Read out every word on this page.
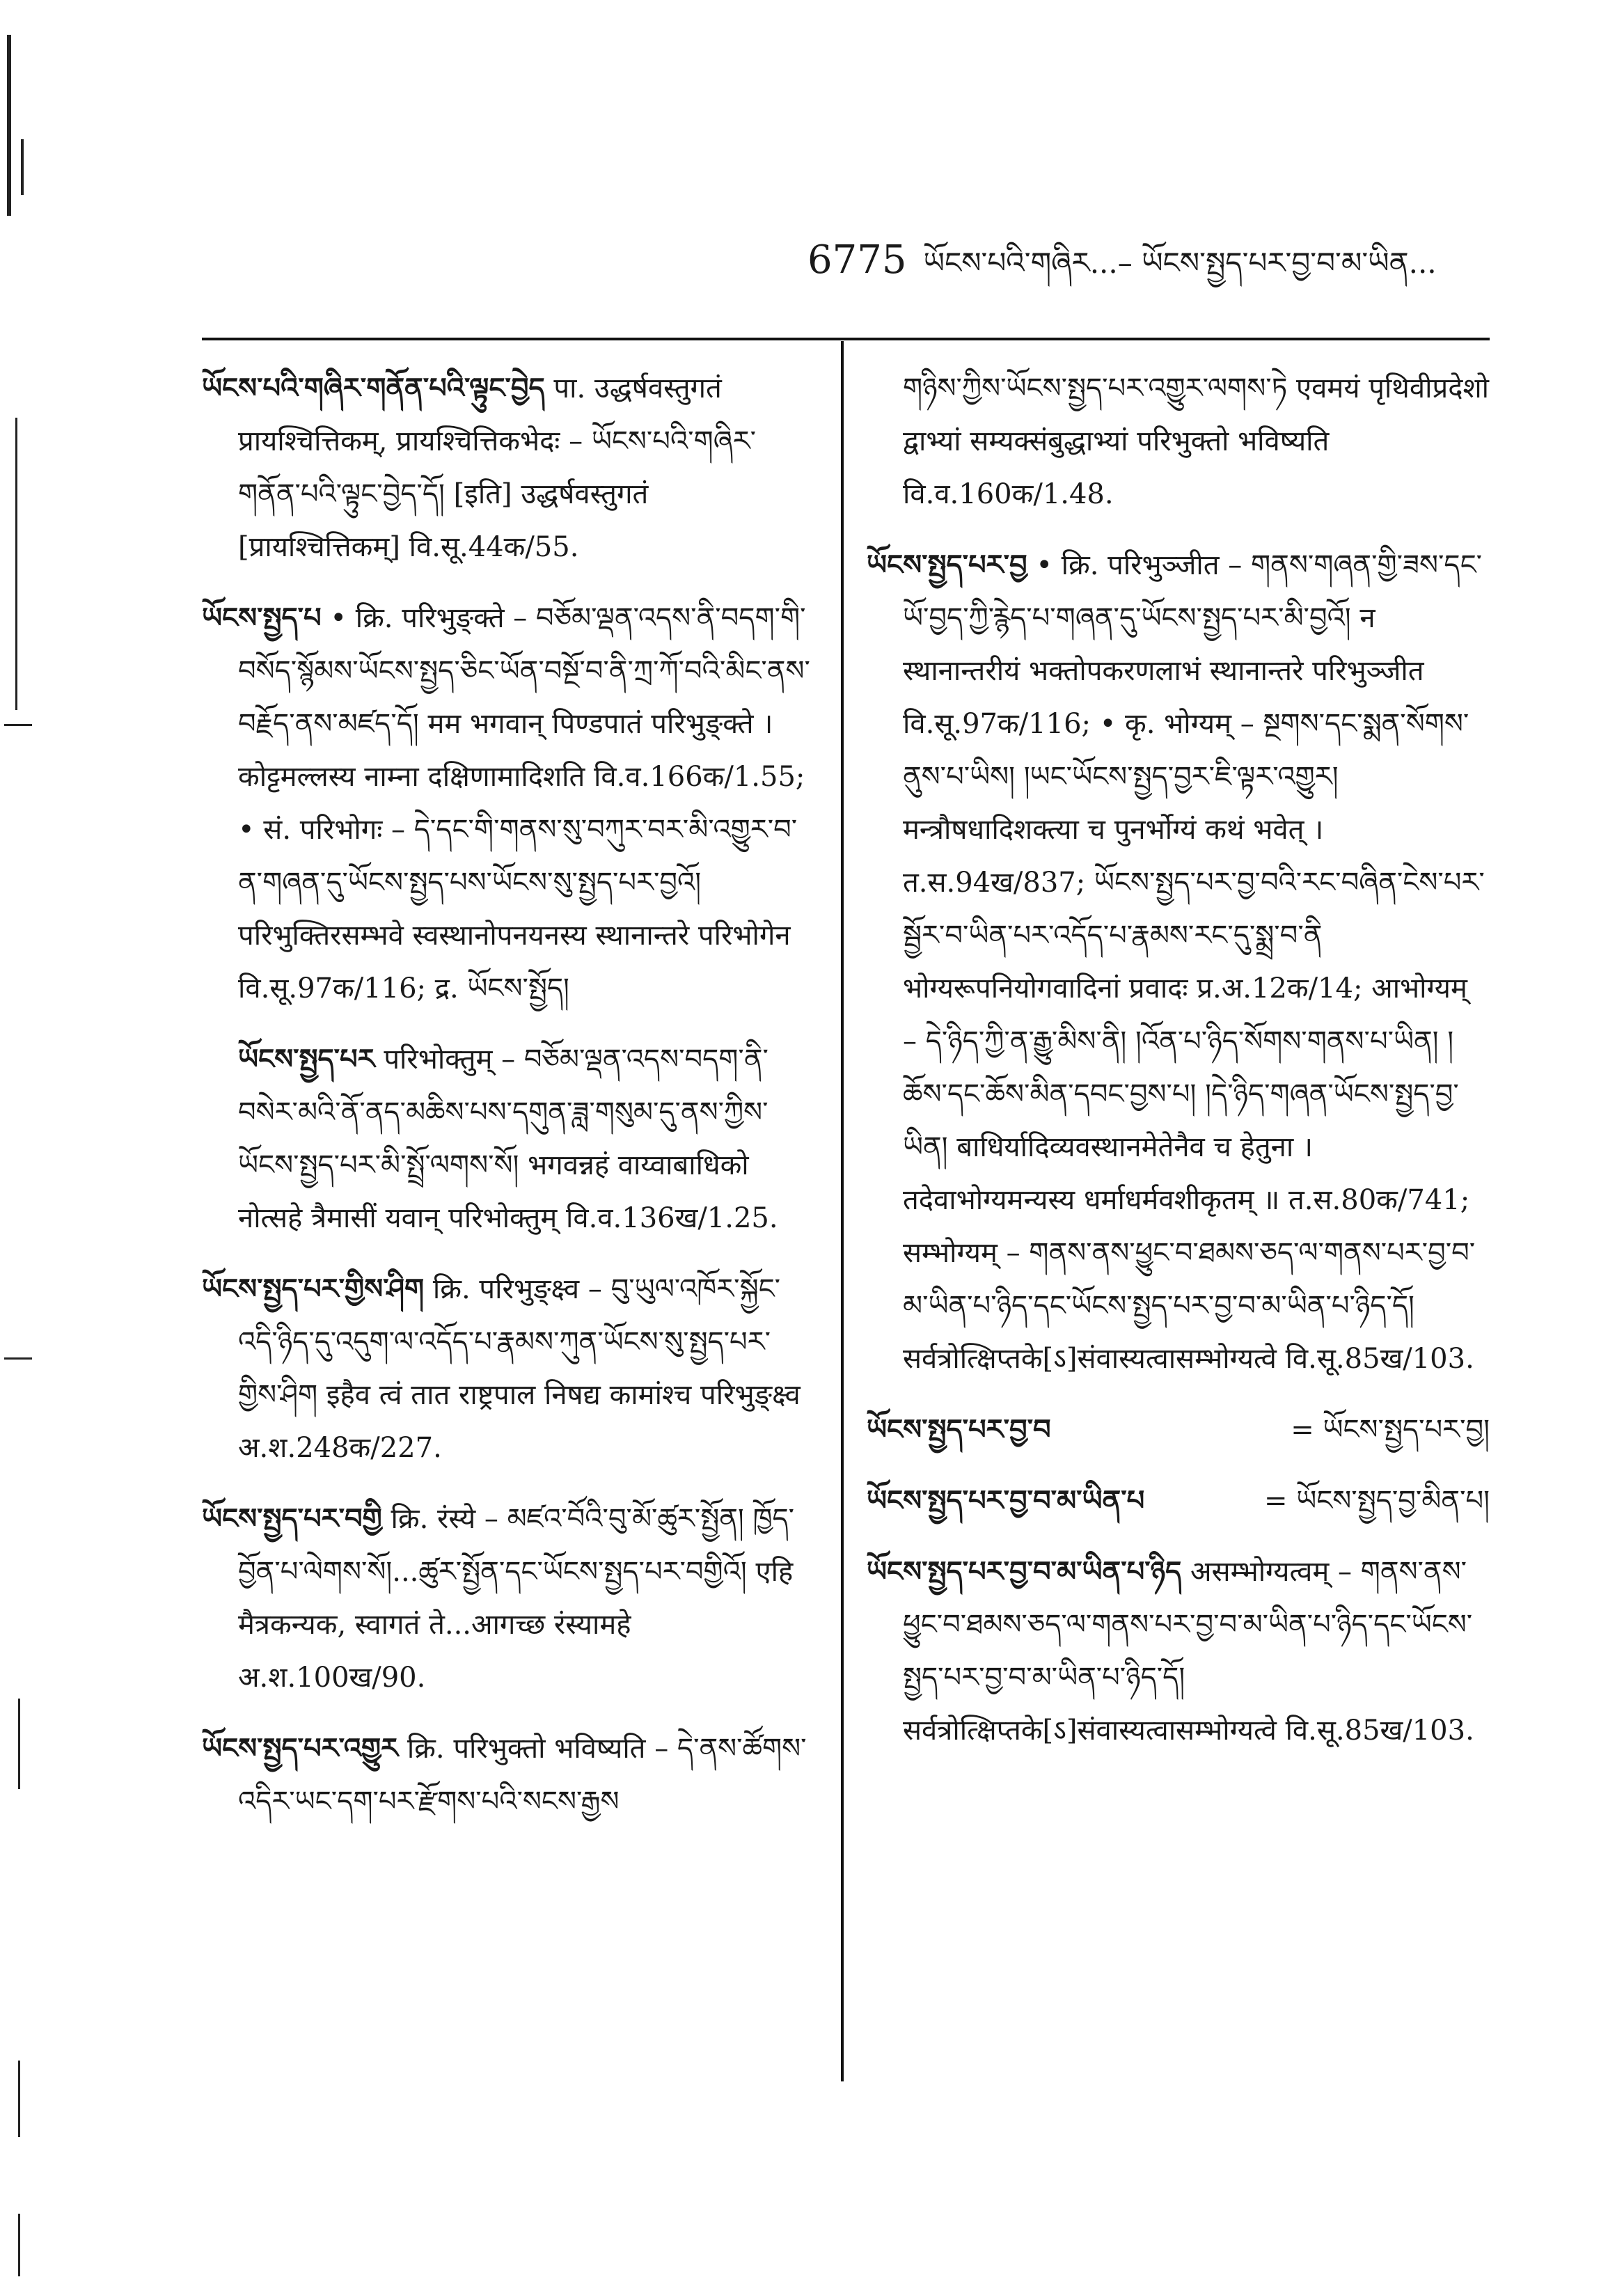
6775 ཡོངས་པའི་གཞིར...– ཡོངས་སྤྱད་པར་བྱ་བ་མ་ཡིན...

ཡོངས་པའི་གཞིར་གནོན་པའི་ལྟུང་བྱེད पा. उद्धर्षवस्तुगतं प्रायश्चित्तिकम्, प्रायश्चित्तिकभेदः – ཡོངས་པའི་གཞིར་གནོན་པའི་ལྟུང་བྱེད་དོ། [इति] उद्धर्षवस्तुगतं [प्रायश्चित्तिकम्] वि.सू.44क/55.

ཡོངས་སྤྱད་པ • क्रि. परिभुङ्क्ते – བཅོམ་ལྡན་འདས་ནི་བདག་གི་བསོད་སྙོམས་ཡོངས་སྤྱད་ཅིང་ཡོན་བསྔོ་བ་ནི་ཀྲ་ཀོ་བའི་མིང་ནས་བརྗོད་ནས་མཛད་དོ། मम भगवान् पिण्डपातं परिभुङ्क्ते । कोट्टमल्लस्य नाम्ना दक्षिणामादिशति वि.व.166क/1.55; • सं. परिभोगः – དེ་དང་གི་གནས་སུ་བཀུར་བར་མི་འགྱུར་བ་ན་གཞན་དུ་ཡོངས་སྤྱད་པས་ཡོངས་སུ་སྤྱད་པར་བྱའོ། परिभुक्तिरसम्भवे स्वस्थानोपनयनस्य स्थानान्तरे परिभोगेन वि.सू.97क/116; द्र. ཡོངས་སྤྱོད།

ཡོངས་སྤྱད་པར परिभोक्तुम् – བཅོམ་ལྡན་འདས་བདག་ནི་བསེར་མའི་ནོ་ནད་མཆིས་པས་དགུན་ཟླ་གསུམ་དུ་ནས་ཀྱིས་ཡོངས་སྤྱད་པར་མི་སྤྲོ་ལགས་སོ། भगवन्नहं वाय्वाबाधिको नोत्सहे त्रैमासीं यवान् परिभोक्तुम् वि.व.136ख/1.25.

ཡོངས་སྤྱད་པར་གྱིས་ཤིག क्रि. परिभुङ्क्ष्व – བུ་ཡུལ་འཁོར་སྐྱོང་འདི་ཉིད་དུ་འདུག་ལ་འདོད་པ་རྣམས་ཀུན་ཡོངས་སུ་སྤྱད་པར་གྱིས་ཤིག इहैव त्वं तात राष्ट्रपाल निषद्य कामांश्च परिभुङ्क्ष्व अ.श.248क/227.

ཡོངས་སྤྱད་པར་བགྱི क्रि. रंस्ये – མཛའ་བོའི་བུ་མོ་ཚུར་སྤྱོན། ཁྱོད་བྱོན་པ་ལེགས་སོ།...ཚུར་སྤྱོན་དང་ཡོངས་སྤྱད་པར་བགྱིའོ། एहि मैत्रकन्यक, स्वागतं ते...आगच्छ रंस्यामहे अ.श.100ख/90.

ཡོངས་སྤྱད་པར་འགྱུར क्रि. परिभुक्तो भविष्यति – དེ་ནས་ཚོགས་འདིར་ཡང་དག་པར་རྫོགས་པའི་སངས་རྒྱས

གཉིས་ཀྱིས་ཡོངས་སྤྱད་པར་འགྱུར་ལགས་ཏེ एवमयं पृथिवीप्रदेशो द्वाभ्यां सम्यक्संबुद्धाभ्यां परिभुक्तो भविष्यति वि.व.160क/1.48.

ཡོངས་སྤྱད་པར་བྱ • क्रि. परिभुञ्जीत – གནས་གཞན་གྱི་ཟས་དང་ཡོ་བྱད་ཀྱི་རྙེད་པ་གཞན་དུ་ཡོངས་སྤྱད་པར་མི་བྱའོ། न स्थानान्तरीयं भक्तोपकरणलाभं स्थानान्तरे परिभुञ्जीत वि.सू.97क/116; • कृ. भोग्यम् – སྔགས་དང་སྨན་སོགས་ནུས་པ་ཡིས། །ཡང་ཡོངས་སྤྱད་བྱར་ཇི་ལྟར་འགྱུར། मन्त्रौषधादिशक्त्या च पुनर्भोग्यं कथं भवेत् । त.स.94ख/837; ཡོངས་སྤྱད་པར་བྱ་བའི་རང་བཞིན་ངེས་པར་སྦྱོར་བ་ཡིན་པར་འདོད་པ་རྣམས་རང་དུ་སྨྲ་བ་ནི भोग्यरूपनियोगवादिनां प्रवादः प्र.अ.12क/14; आभोग्यम् – དེ་ཉིད་ཀྱི་ན་རྒྱུ་མིས་ནི། །འོན་པ་ཉིད་སོགས་གནས་པ་ཡིན། །ཆོས་དང་ཆོས་མིན་དབང་བྱས་པ། །དེ་ཉིད་གཞན་ཡོངས་སྤྱད་བྱ་ཡིན། बाधिर्यादिव्यवस्थानमेतेनैव च हेतुना । तदेवाभोग्यमन्यस्य धर्माधर्मवशीकृतम् ॥ त.स.80क/741; सम्भोग्यम् – གནས་ནས་ཕྱུང་བ་ཐམས་ཅད་ལ་གནས་པར་བྱ་བ་མ་ཡིན་པ་ཉིད་དང་ཡོངས་སྤྱད་པར་བྱ་བ་མ་ཡིན་པ་ཉིད་དོ། सर्वत्रोत्क्षिप्तके[ऽ]संवास्यत्वासम्भोग्यत्वे वि.सू.85ख/103.

ཡོངས་སྤྱད་པར་བྱ་བ	= ཡོངས་སྤྱད་པར་བྱ།

ཡོངས་སྤྱད་པར་བྱ་བ་མ་ཡིན་པ	= ཡོངས་སྤྱད་བྱ་མིན་པ།

ཡོངས་སྤྱད་པར་བྱ་བ་མ་ཡིན་པ་ཉིད असम्भोग्यत्वम् – གནས་ནས་ཕྱུང་བ་ཐམས་ཅད་ལ་གནས་པར་བྱ་བ་མ་ཡིན་པ་ཉིད་དང་ཡོངས་སྤྱད་པར་བྱ་བ་མ་ཡིན་པ་ཉིད་དོ། सर्वत्रोत्क्षिप्तके[ऽ]संवास्यत्वासम्भोग्यत्वे वि.सू.85ख/103.
